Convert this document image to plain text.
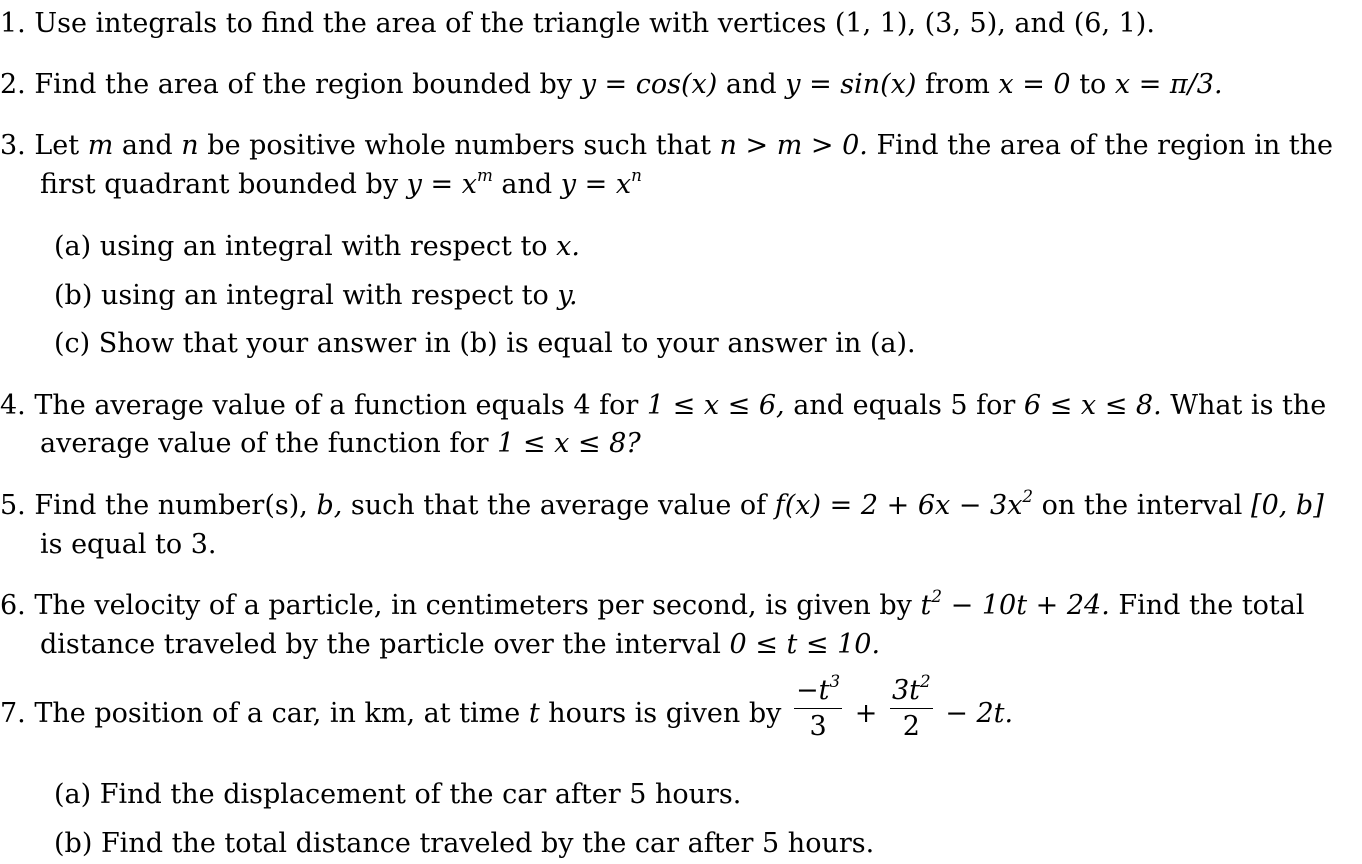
1. Use integrals to find the area of the triangle with vertices (1, 1), (3, 5), and (6, 1).
2. Find the area of the region bounded by y = cos(x) and y = sin(x) from x = 0 to x = π/3.
3. Let m and n be positive whole numbers such that n > m > 0. Find the area of the region in the
first quadrant bounded by $y = x^m$ and $y = x^n$
(a) using an integral with respect to x.
(b) using an integral with respect to y.
(c) Show that your answer in (b) is equal to your answer in (a).
4. The average value of a function equals 4 for 1 ≤ x ≤ 6, and equals 5 for 6 ≤ x ≤ 8. What is the
average value of the function for 1 ≤ x ≤ 8?
5. Find the number(s), b, such that the average value of $f(x) = 2 + 6x - 3x^2$ on the interval [0, b]
is equal to 3.
6. The velocity of a particle, in centimeters per second, is given by $t^2 - 10t + 24$. Find the total
distance traveled by the particle over the interval 0 ≤ t ≤ 10.
7. The position of a car, in km, at time t hours is given by $\frac{-t^3}{3} + \frac{3t^2}{2} - 2t$.
(a) Find the displacement of the car after 5 hours.
(b) Find the total distance traveled by the car after 5 hours.
